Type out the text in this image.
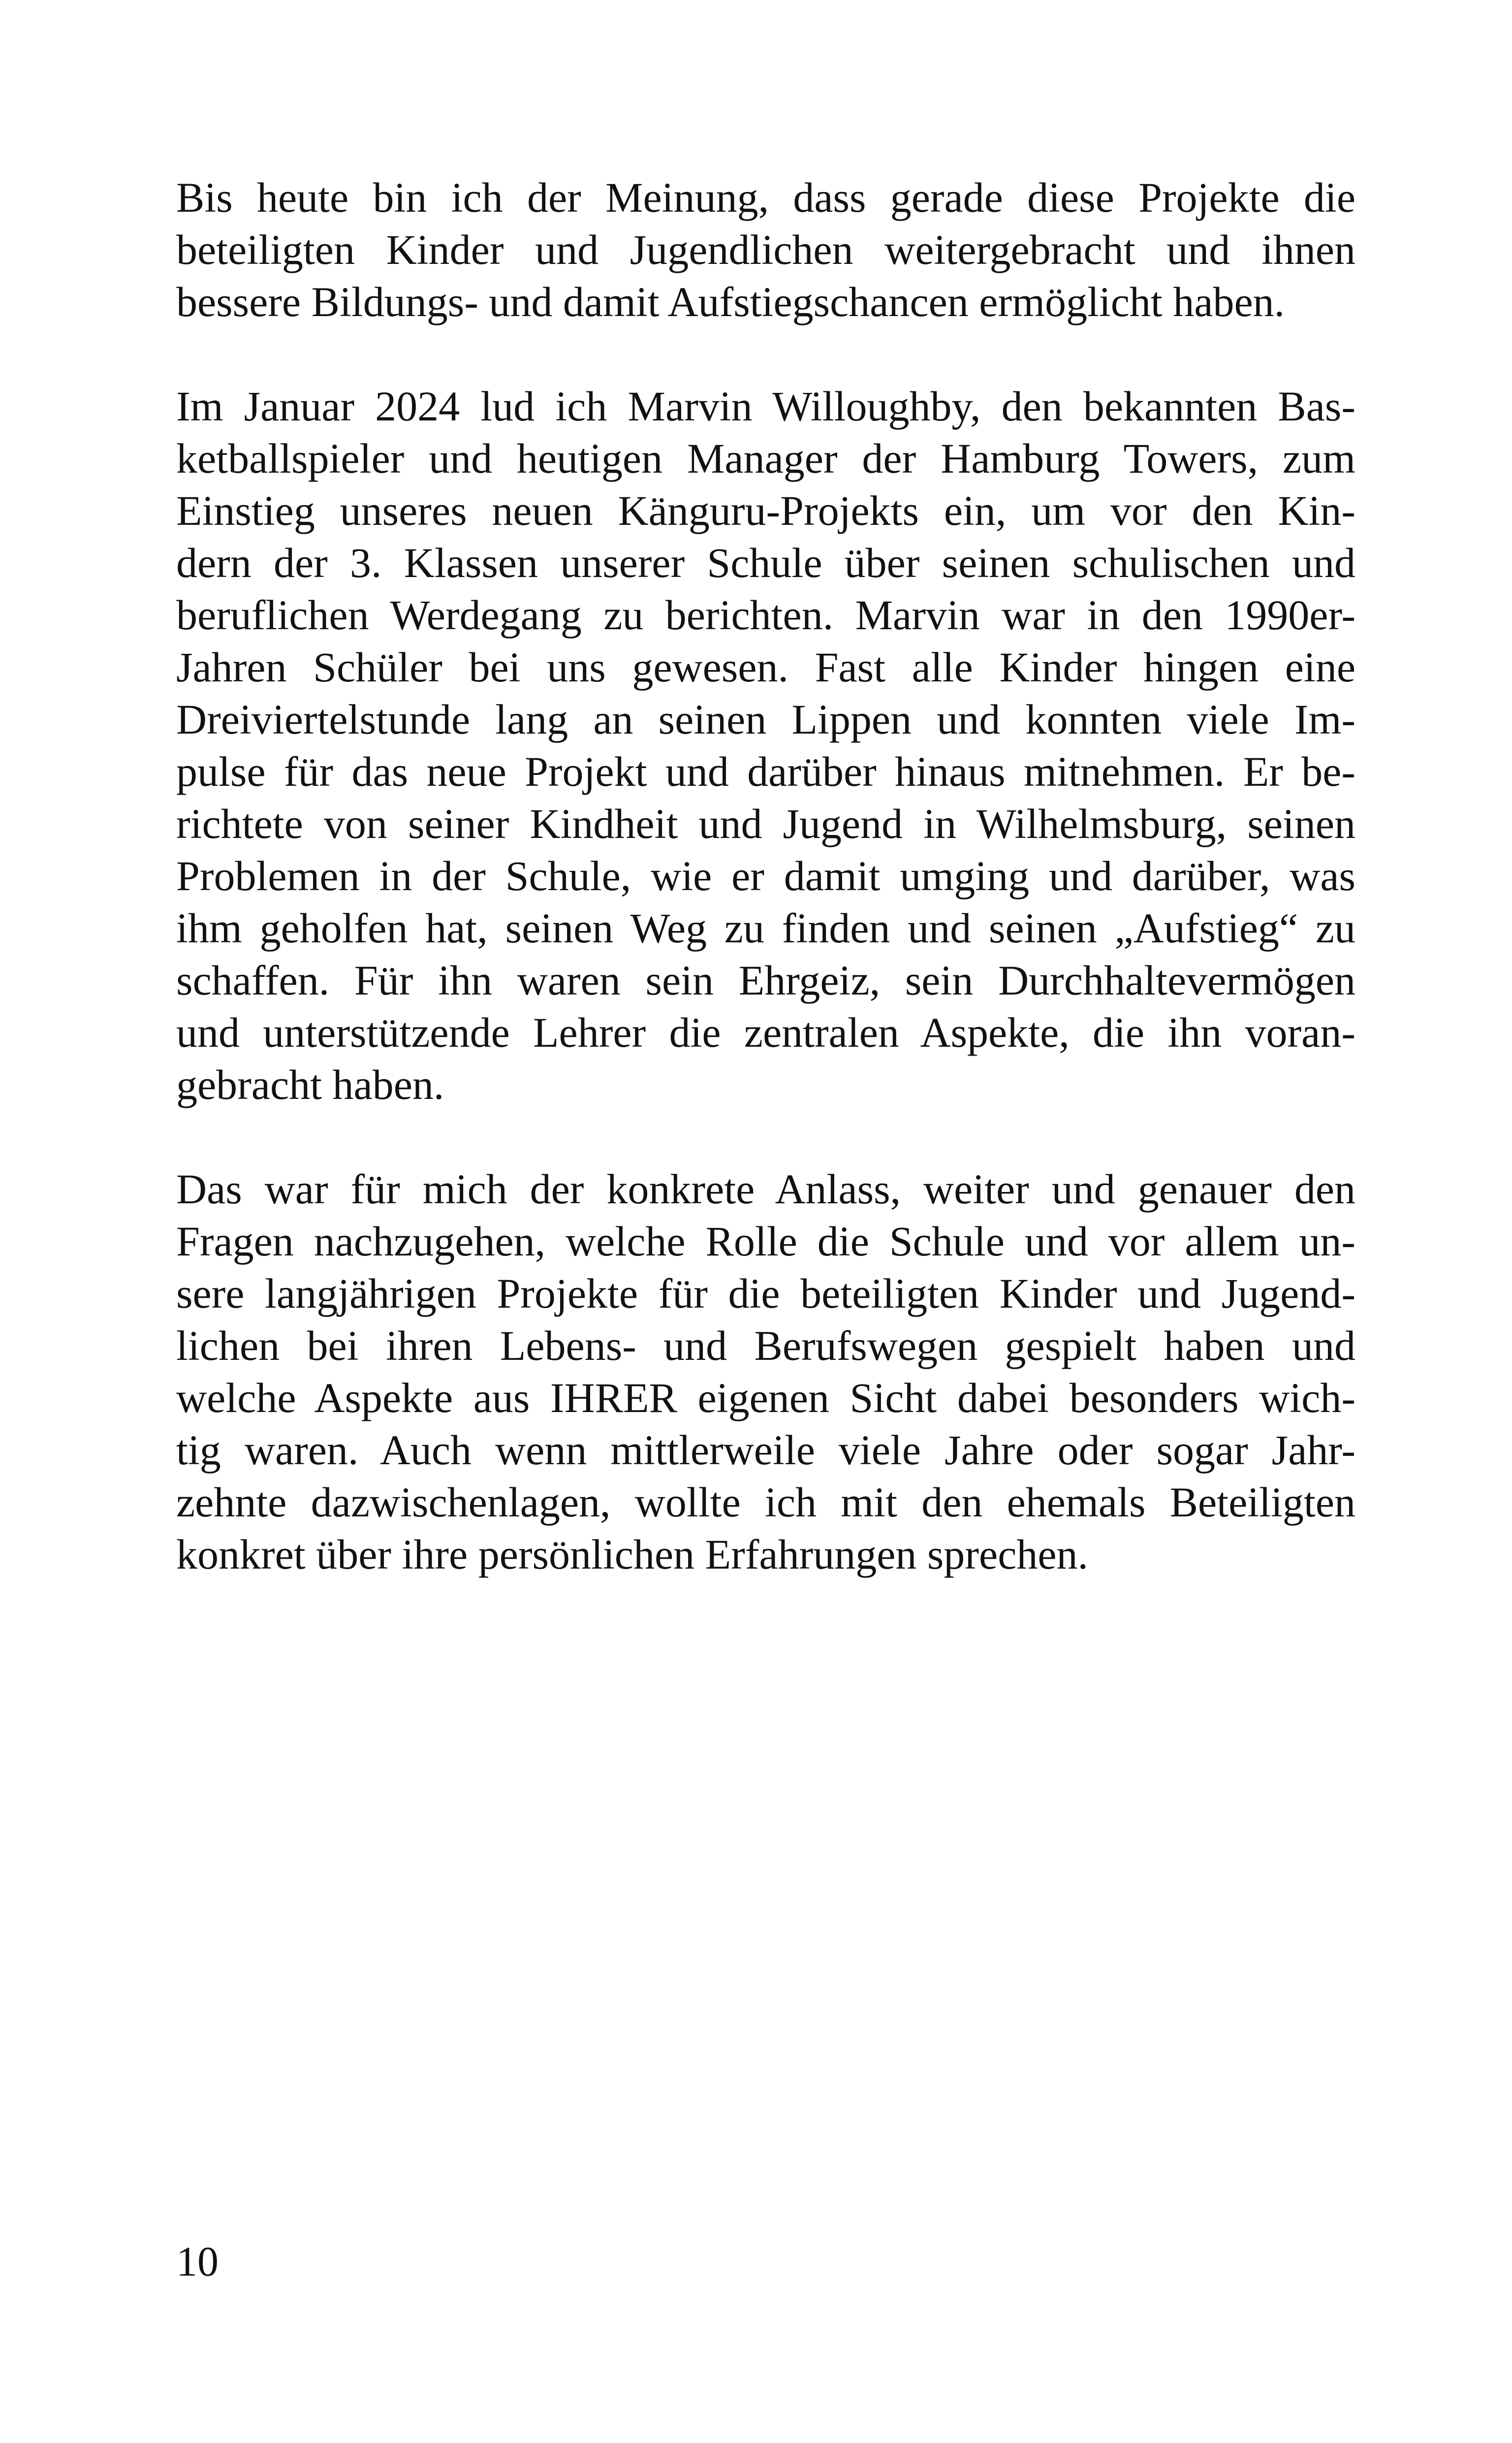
Bis heute bin ich der Meinung, dass gerade diese Projekte die
beteiligten Kinder und Jugendlichen weitergebracht und ihnen
bessere Bildungs- und damit Aufstiegschancen ermöglicht haben.

Im Januar 2024 lud ich Marvin Willoughby, den bekannten Bas-
ketballspieler und heutigen Manager der Hamburg Towers, zum
Einstieg unseres neuen Känguru-Projekts ein, um vor den Kin-
dern der 3. Klassen unserer Schule über seinen schulischen und
beruflichen Werdegang zu berichten. Marvin war in den 1990er-
Jahren Schüler bei uns gewesen. Fast alle Kinder hingen eine
Dreiviertelstunde lang an seinen Lippen und konnten viele Im-
pulse für das neue Projekt und darüber hinaus mitnehmen. Er be-
richtete von seiner Kindheit und Jugend in Wilhelmsburg, seinen
Problemen in der Schule, wie er damit umging und darüber, was
ihm geholfen hat, seinen Weg zu finden und seinen „Aufstieg“ zu
schaffen. Für ihn waren sein Ehrgeiz, sein Durchhaltevermögen
und unterstützende Lehrer die zentralen Aspekte, die ihn voran-
gebracht haben.

Das war für mich der konkrete Anlass, weiter und genauer den
Fragen nachzugehen, welche Rolle die Schule und vor allem un-
sere langjährigen Projekte für die beteiligten Kinder und Jugend-
lichen bei ihren Lebens- und Berufswegen gespielt haben und
welche Aspekte aus IHRER eigenen Sicht dabei besonders wich-
tig waren. Auch wenn mittlerweile viele Jahre oder sogar Jahr-
zehnte dazwischenlagen, wollte ich mit den ehemals Beteiligten
konkret über ihre persönlichen Erfahrungen sprechen.

10
